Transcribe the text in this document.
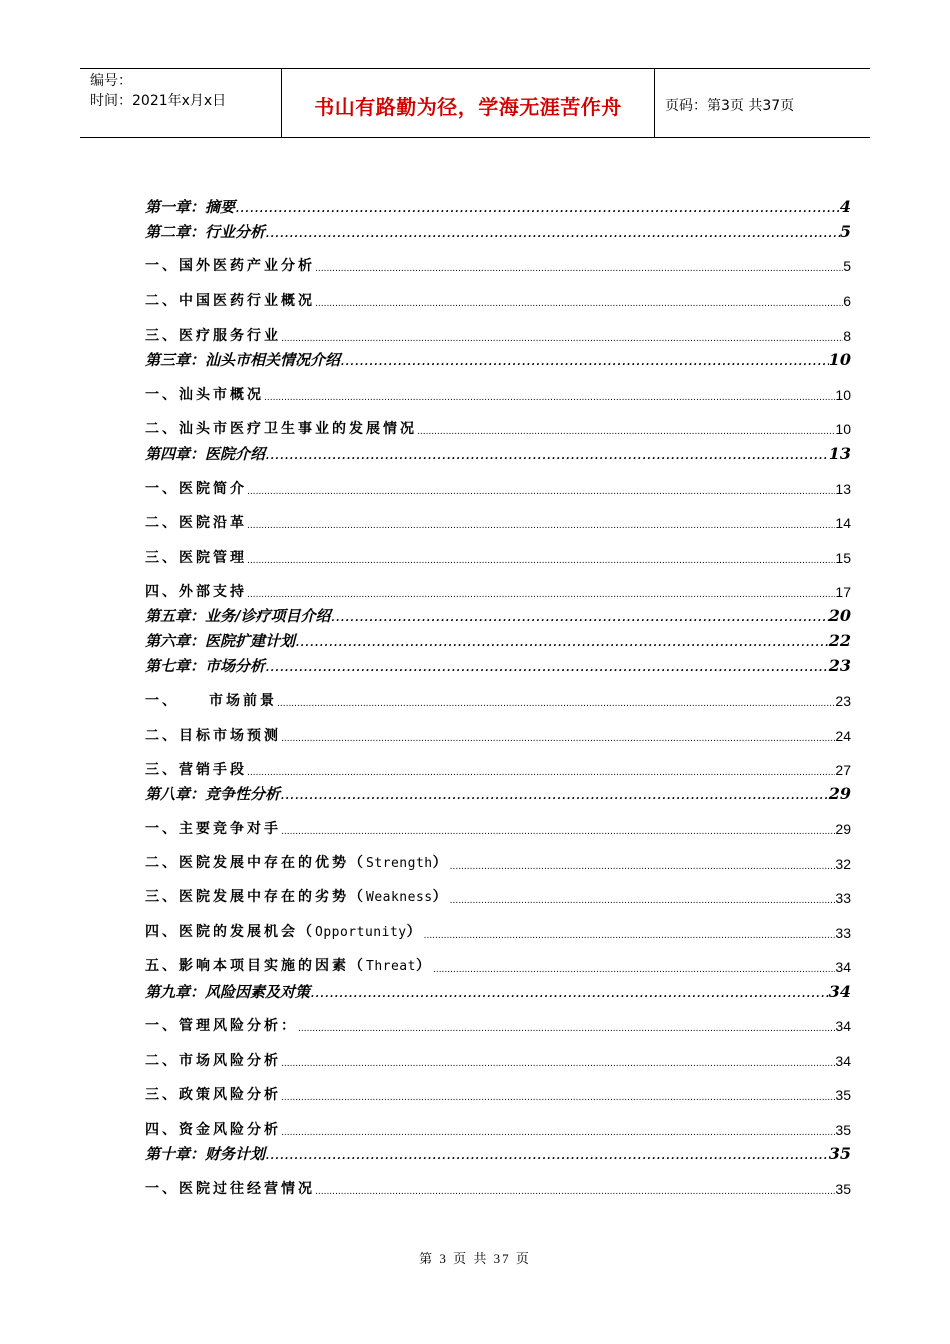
编号：
时间：2021年x月x日	书山有路勤为径，学海无涯苦作舟	页码：第3页 共37页
第一章：摘要 .....	4
第二章：行业分析 .....	5
一、国外医药产业分析 .....	5
二、中国医药行业概况 .....	6
三、医疗服务行业 .....	8
第三章：汕头市相关情况介绍 .....	10
一、汕头市概况 .....	10
二、汕头市医疗卫生事业的发展情况 .....	10
第四章：医院介绍 .....	13
一、医院简介 .....	13
二、医院沿革 .....	14
三、医院管理 .....	15
四、外部支持 .....	17
第五章：业务/诊疗项目介绍 .....	20
第六章：医院扩建计划 .....	22
第七章：市场分析 .....	23
一、 市场前景 .....	23
二、目标市场预测 .....	24
三、营销手段 .....	27
第八章：竞争性分析 .....	29
一、主要竞争对手 .....	29
二、医院发展中存在的优势（Strength） .....	32
三、医院发展中存在的劣势（Weakness） .....	33
四、医院的发展机会（Opportunity） .....	33
五、影响本项目实施的因素（Threat） .....	34
第九章：风险因素及对策 .....	34
一、管理风险分析： .....	34
二、市场风险分析 .....	34
三、政策风险分析 .....	35
四、资金风险分析 .....	35
第十章：财务计划 .....	35
一、医院过往经营情况 .....	35
第 3 页 共 37 页
